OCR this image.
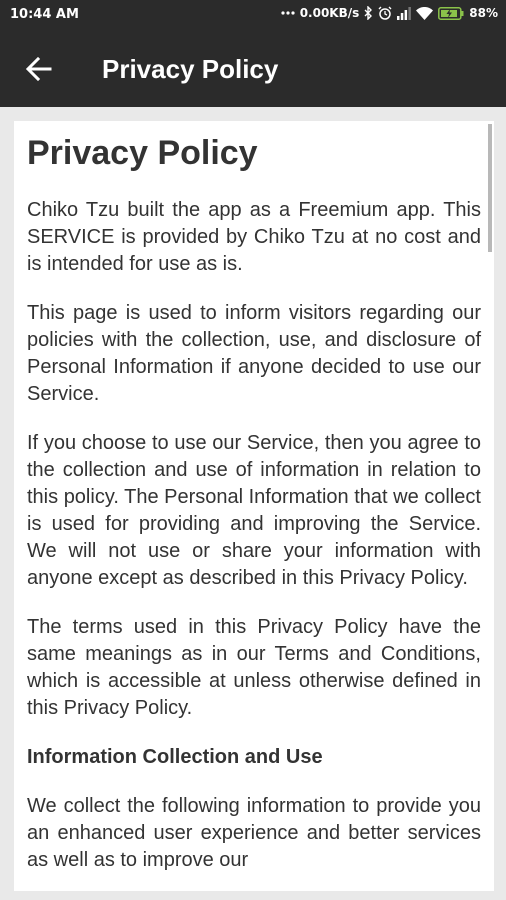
10:44 AM	0.00KB/s	88%
Privacy Policy
Privacy Policy

Chiko Tzu built the app as a Freemium app. This SERVICE is provided by Chiko Tzu at no cost and is intended for use as is.

This page is used to inform visitors regarding our policies with the collection, use, and disclosure of Personal Information if anyone decided to use our Service.

If you choose to use our Service, then you agree to the collection and use of information in relation to this policy. The Personal Information that we collect is used for providing and improving the Service. We will not use or share your information with anyone except as described in this Privacy Policy.

The terms used in this Privacy Policy have the same meanings as in our Terms and Conditions, which is accessible at unless otherwise defined in this Privacy Policy.

Information Collection and Use

We collect the following information to provide you an enhanced user experience and better services as well as to improve our
